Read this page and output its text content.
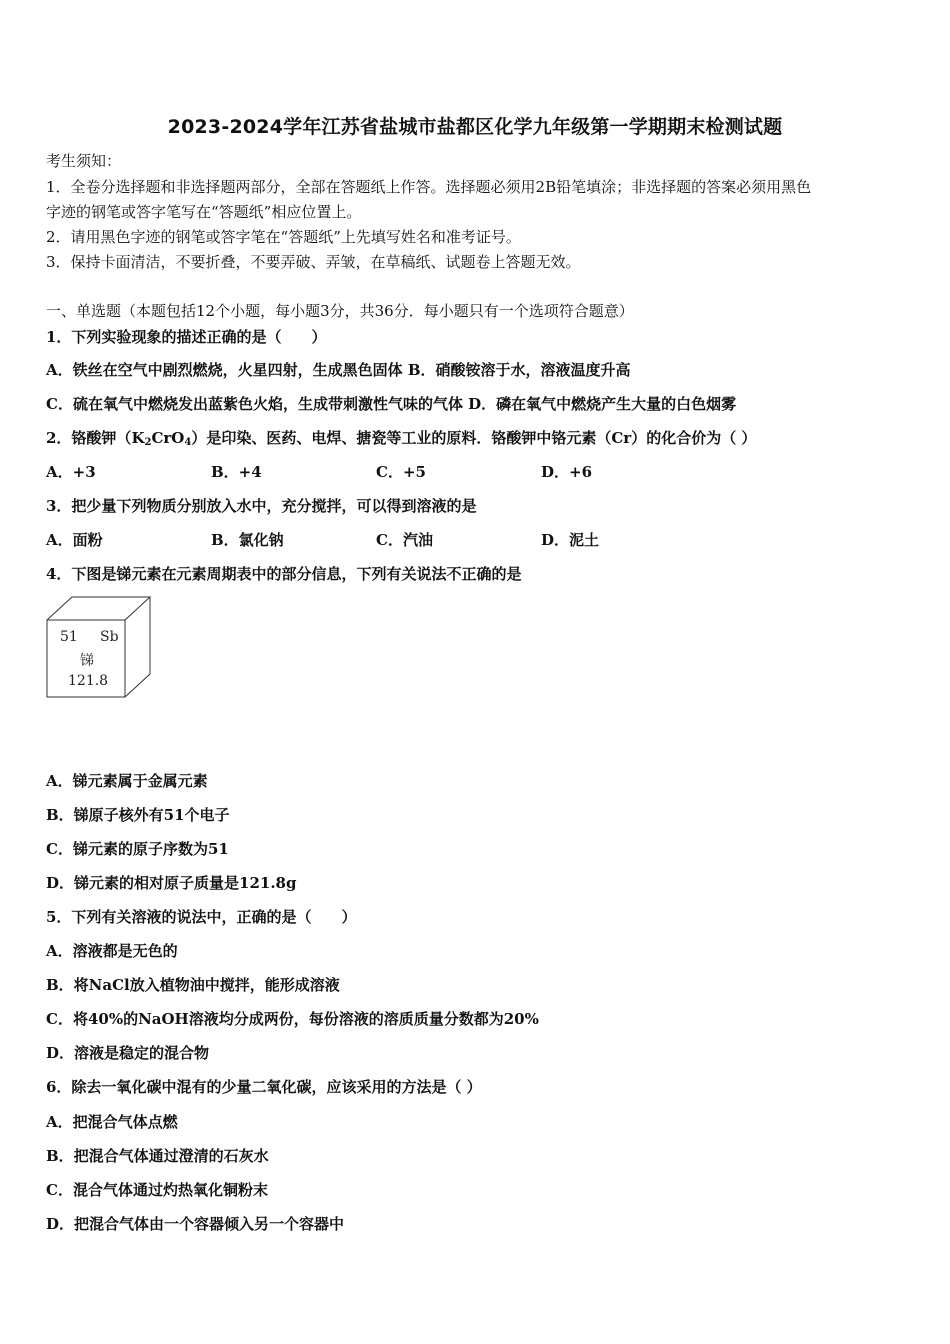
2023-2024学年江苏省盐城市盐都区化学九年级第一学期期末检测试题
考生须知：
1．全卷分选择题和非选择题两部分，全部在答题纸上作答。选择题必须用2B铅笔填涂；非选择题的答案必须用黑色
字迹的钢笔或答字笔写在“答题纸”相应位置上。
2．请用黑色字迹的钢笔或答字笔在“答题纸”上先填写姓名和准考证号。
3．保持卡面清洁，不要折叠，不要弄破、弄皱，在草稿纸、试题卷上答题无效。
一、单选题（本题包括12个小题，每小题3分，共36分．每小题只有一个选项符合题意）
1．下列实验现象的描述正确的是（　　）
A．铁丝在空气中剧烈燃烧，火星四射，生成黑色固体 B．硝酸铵溶于水，溶液温度升高
C．硫在氧气中燃烧发出蓝紫色火焰，生成带刺激性气味的气体 D．磷在氧气中燃烧产生大量的白色烟雾
2．铬酸钾$(K_2CrO_4)$是印染、医药、电焊、搪瓷等工业的原料．铬酸钾中铬元素（Cr）的化合价为（ ）
A．+3	B．+4	C．+5	D．+6
3．把少量下列物质分别放入水中，充分搅拌，可以得到溶液的是
A．面粉	B．氯化钠	C．汽油	D．泥土
4．下图是锑元素在元素周期表中的部分信息，下列有关说法不正确的是
51 Sb
锑
121.8
A．锑元素属于金属元素
B．锑原子核外有51个电子
C．锑元素的原子序数为51
D．锑元素的相对原子质量是121.8g
5．下列有关溶液的说法中，正确的是（　　）
A．溶液都是无色的
B．将NaCl放入植物油中搅拌，能形成溶液
C．将40%的NaOH溶液均分成两份，每份溶液的溶质质量分数都为20%
D．溶液是稳定的混合物
6．除去一氧化碳中混有的少量二氧化碳，应该采用的方法是（ ）
A．把混合气体点燃
B．把混合气体通过澄清的石灰水
C．混合气体通过灼热氧化铜粉末
D．把混合气体由一个容器倾入另一个容器中
